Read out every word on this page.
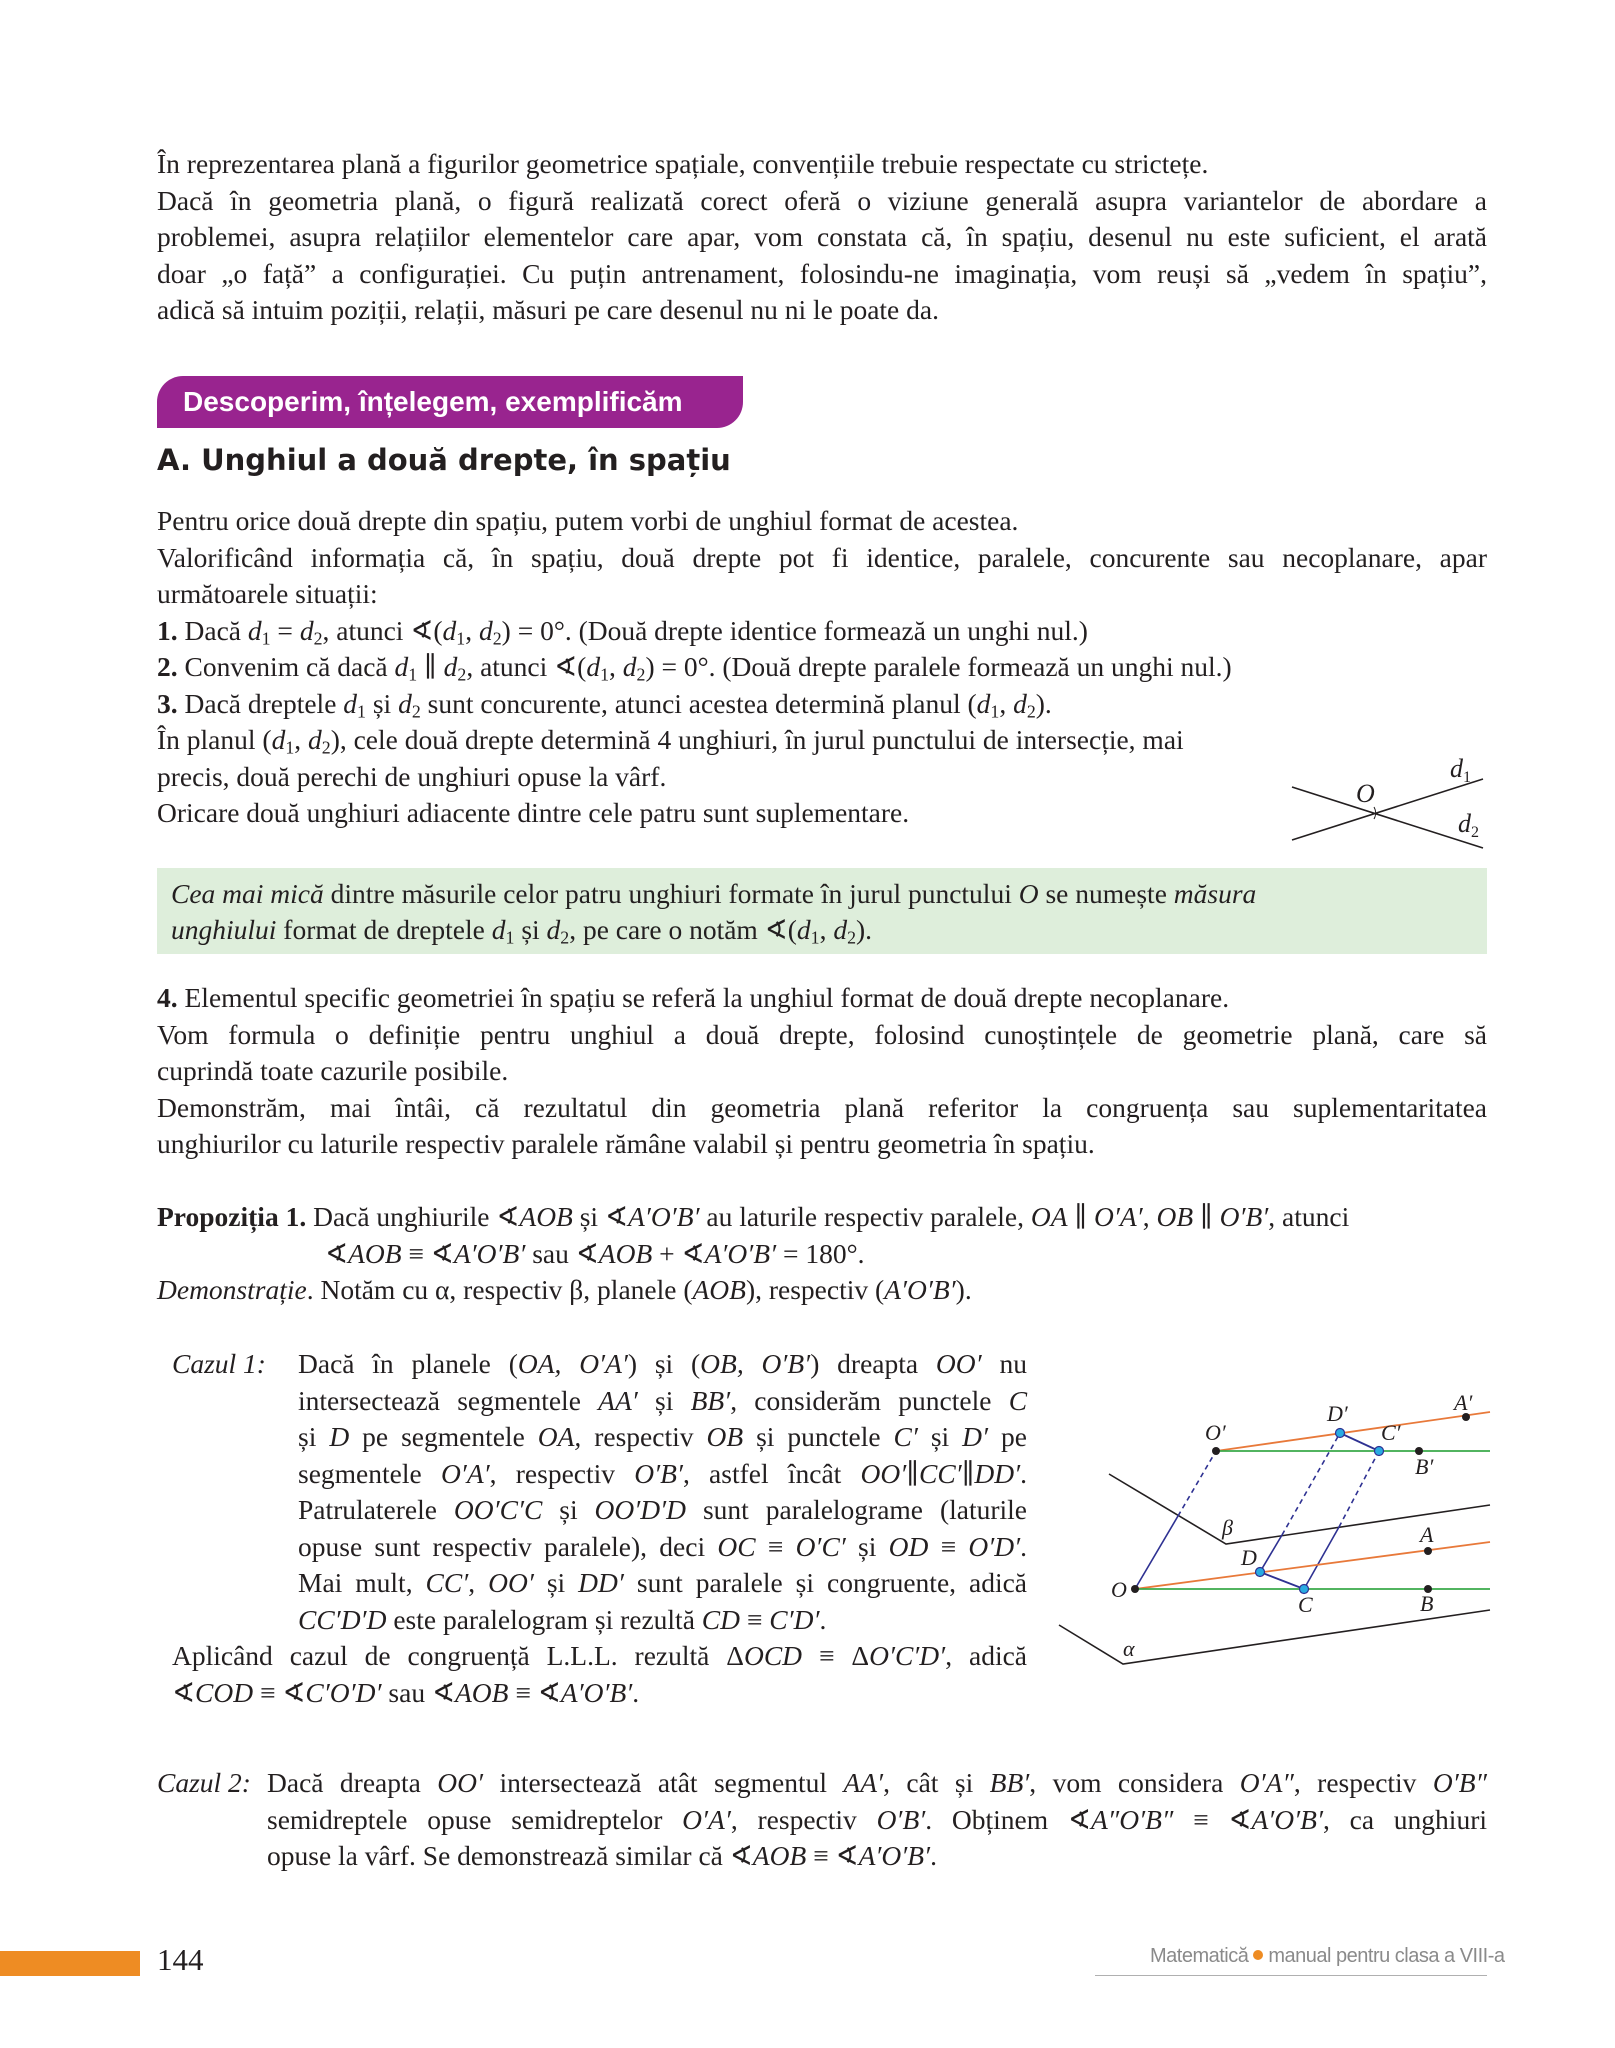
În reprezentarea plană a figurilor geometrice spațiale, convențiile trebuie respectate cu strictețe.
Dacă în geometria plană, o figură realizată corect oferă o viziune generală asupra variantelor de abordare a
problemei, asupra relațiilor elementelor care apar, vom constata că, în spațiu, desenul nu este suficient, el arată
doar „o față” a configurației. Cu puțin antrenament, folosindu-ne imaginația, vom reuși să „vedem în spațiu”,
adică să intuim poziții, relații, măsuri pe care desenul nu ni le poate da.
Descoperim, înțelegem, exemplificăm
A. Unghiul a două drepte, în spațiu
Pentru orice două drepte din spațiu, putem vorbi de unghiul format de acestea.
Valorificând informația că, în spațiu, două drepte pot fi identice, paralele, concurente sau necoplanare, apar
următoarele situații:
1. Dacă $d_1 = d_2$, atunci $∢(d_1$, $d_2) = 0^\circ$. (Două drepte identice formează un unghi nul.)
2. Convenim că dacă $d_1$ ∥ $d_2$, atunci $∢(d_1$, $d_2) = 0^\circ$. (Două drepte paralele formează un unghi nul.)
3. Dacă dreptele $d_1$ și $d_2$ sunt concurente, atunci acestea determină planul ($d_1$, $d_2$).
În planul ($d_1$, $d_2$), cele două drepte determină 4 unghiuri, în jurul punctului de intersecție, mai
precis, două perechi de unghiuri opuse la vârf.
Oricare două unghiuri adiacente dintre cele patru sunt suplementare.
O
d1
d2
Cea mai mică dintre măsurile celor patru unghiuri formate în jurul punctului O se numește măsura
unghiului format de dreptele $d_1$ și $d_2$, pe care o notăm $∢(d_1$, $d_2$).
4. Elementul specific geometriei în spațiu se referă la unghiul format de două drepte necoplanare.
Vom formula o definiție pentru unghiul a două drepte, folosind cunoștințele de geometrie plană, care să
cuprindă toate cazurile posibile.
Demonstrăm, mai întâi, că rezultatul din geometria plană referitor la congruența sau suplementaritatea
unghiurilor cu laturile respectiv paralele rămâne valabil și pentru geometria în spațiu.
Propoziția 1. Dacă unghiurile ∢AOB și ∢A′O′B′ au laturile respectiv paralele, OA ∥ O′A′, OB ∥ O′B′, atunci
∢AOB ≡ ∢A′O′B′ sau ∢AOB + ∢A′O′B′ = 180°.
Demonstrație. Notăm cu α, respectiv β, planele (AOB), respectiv (A′O′B′).
Cazul 1: Dacă în planele (OA, O′A′) și (OB, O′B′) dreapta OO′ nu
intersectează segmentele AA′ și BB′, considerăm punctele C
și D pe segmentele OA, respectiv OB și punctele C′ și D′ pe
segmentele O′A′, respectiv O′B′, astfel încât OO′∥CC′∥DD′.
Patrulaterele OO′C′C și OO′D′D sunt paralelograme (laturile
opuse sunt respectiv paralele), deci OC ≡ O′C′ și OD ≡ O′D′.
Mai mult, CC′, OO′ și DD′ sunt paralele și congruente, adică
CC′D′D este paralelogram și rezultă CD ≡ C′D′.
Aplicând cazul de congruență L.L.L. rezultă ΔOCD ≡ ΔO′C′D′, adică
∢COD ≡ ∢C′O′D′ sau ∢AOB ≡ ∢A′O′B′.
O
O′
D′
C′
B′
A′
A
B
C
D
β
α
Cazul 2: Dacă dreapta OO′ intersectează atât segmentul AA′, cât și BB′, vom considera O′A″, respectiv O′B″
semidreptele opuse semidreptelor O′A′, respectiv O′B′. Obținem ∢A″O′B″ ≡ ∢A′O′B′, ca unghiuri
opuse la vârf. Se demonstrează similar că ∢AOB ≡ ∢A′O′B′.
144	Matematică manual pentru clasa a VIII-a
